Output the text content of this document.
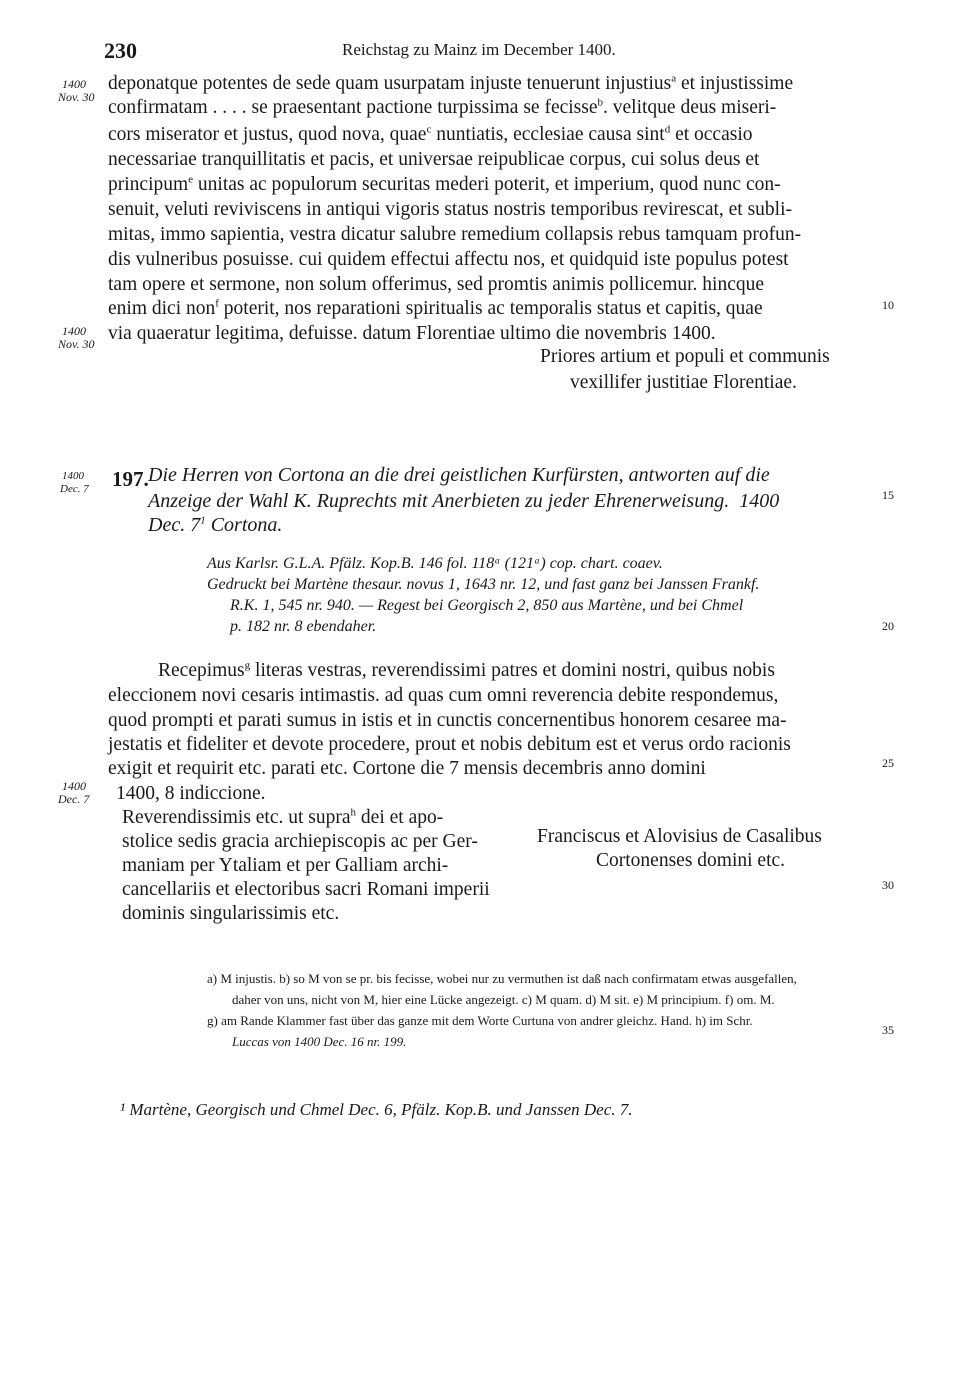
230	Reichstag zu Mainz im December 1400.
1400
Nov. 30
1400
Nov. 30
1400
Dec. 7
1400
Dec. 7
10
15
20
25
30
35
deponatque potentes de sede quam usurpatam injuste tenuerunt injustius$^a$ et injustissime
confirmatam . . . . se praesentant pactione turpissima se fecisse$^b$. velitque deus miseri-
cors miserator et justus, quod nova, quae$^c$ nuntiatis, ecclesiae causa sint$^d$ et occasio
necessariae tranquillitatis et pacis, et universae reipublicae corpus, cui solus deus et
principum$^e$ unitas ac populorum securitas mederi poterit, et imperium, quod nunc con-
senuit, veluti reviviscens in antiqui vigoris status nostris temporibus revirescat, et subli-
mitas, immo sapientia, vestra dicatur salubre remedium collapsis rebus tamquam profun-
dis vulneribus posuisse. cui quidem effectui affectu nos, et quidquid iste populus potest
tam opere et sermone, non solum offerimus, sed promtis animis pollicemur. hincque
enim dici non$^f$ poterit, nos reparationi spiritualis ac temporalis status et capitis, quae
via quaeratur legitima, defuisse. datum Florentiae ultimo die novembris 1400.
Priores artium et populi et communis
vexillifer justitiae Florentiae.
197. Die Herren von Cortona an die drei geistlichen Kurfürsten, antworten auf die
Anzeige der Wahl K. Ruprechts mit Anerbieten zu jeder Ehrenerweisung. 1400
Dec. $7^1$ Cortona.
Aus Karlsr. G.L.A. Pfälz. Kop.B. 146 fol. 118ᵃ (121ᵃ) cop. chart. coaev.
Gedruckt bei Martène thesaur. novus 1, 1643 nr. 12, und fast ganz bei Janssen Frankf.
R.K. 1, 545 nr. 940. — Regest bei Georgisch 2, 850 aus Martène, und bei Chmel
p. 182 nr. 8 ebendaher.
Recepimus$^g$ literas vestras, reverendissimi patres et domini nostri, quibus nobis
eleccionem novi cesaris intimastis. ad quas cum omni reverencia debite respondemus,
quod prompti et parati sumus in istis et in cunctis concernentibus honorem cesaree ma-
jestatis et fideliter et devote procedere, prout et nobis debitum est et verus ordo racionis
exigit et requirit etc. parati etc. Cortone die 7 mensis decembris anno domini
1400, 8 indiccione.
Reverendissimis etc. ut supra$^h$ dei et apo-
stolice sedis gracia archiepiscopis ac per Ger-
maniam per Ytaliam et per Galliam archi-
cancellariis et electoribus sacri Romani imperii
dominis singularissimis etc.
Franciscus et Alovisius de Casalibus
Cortonenses domini etc.
a) M injustis. b) so M von se pr. bis fecisse, wobei nur zu vermuthen ist daß nach confirmatam etwas ausgefallen,
daher von uns, nicht von M, hier eine Lücke angezeigt. c) M quam. d) M sit. e) M principium. f) om. M.
g) am Rande Klammer fast über das ganze mit dem Worte Curtuna von andrer gleichz. Hand. h) im Schr.
Luccas von 1400 Dec. 16 nr. 199.
¹ Martène, Georgisch und Chmel Dec. 6, Pfälz. Kop.B. und Janssen Dec. 7.
